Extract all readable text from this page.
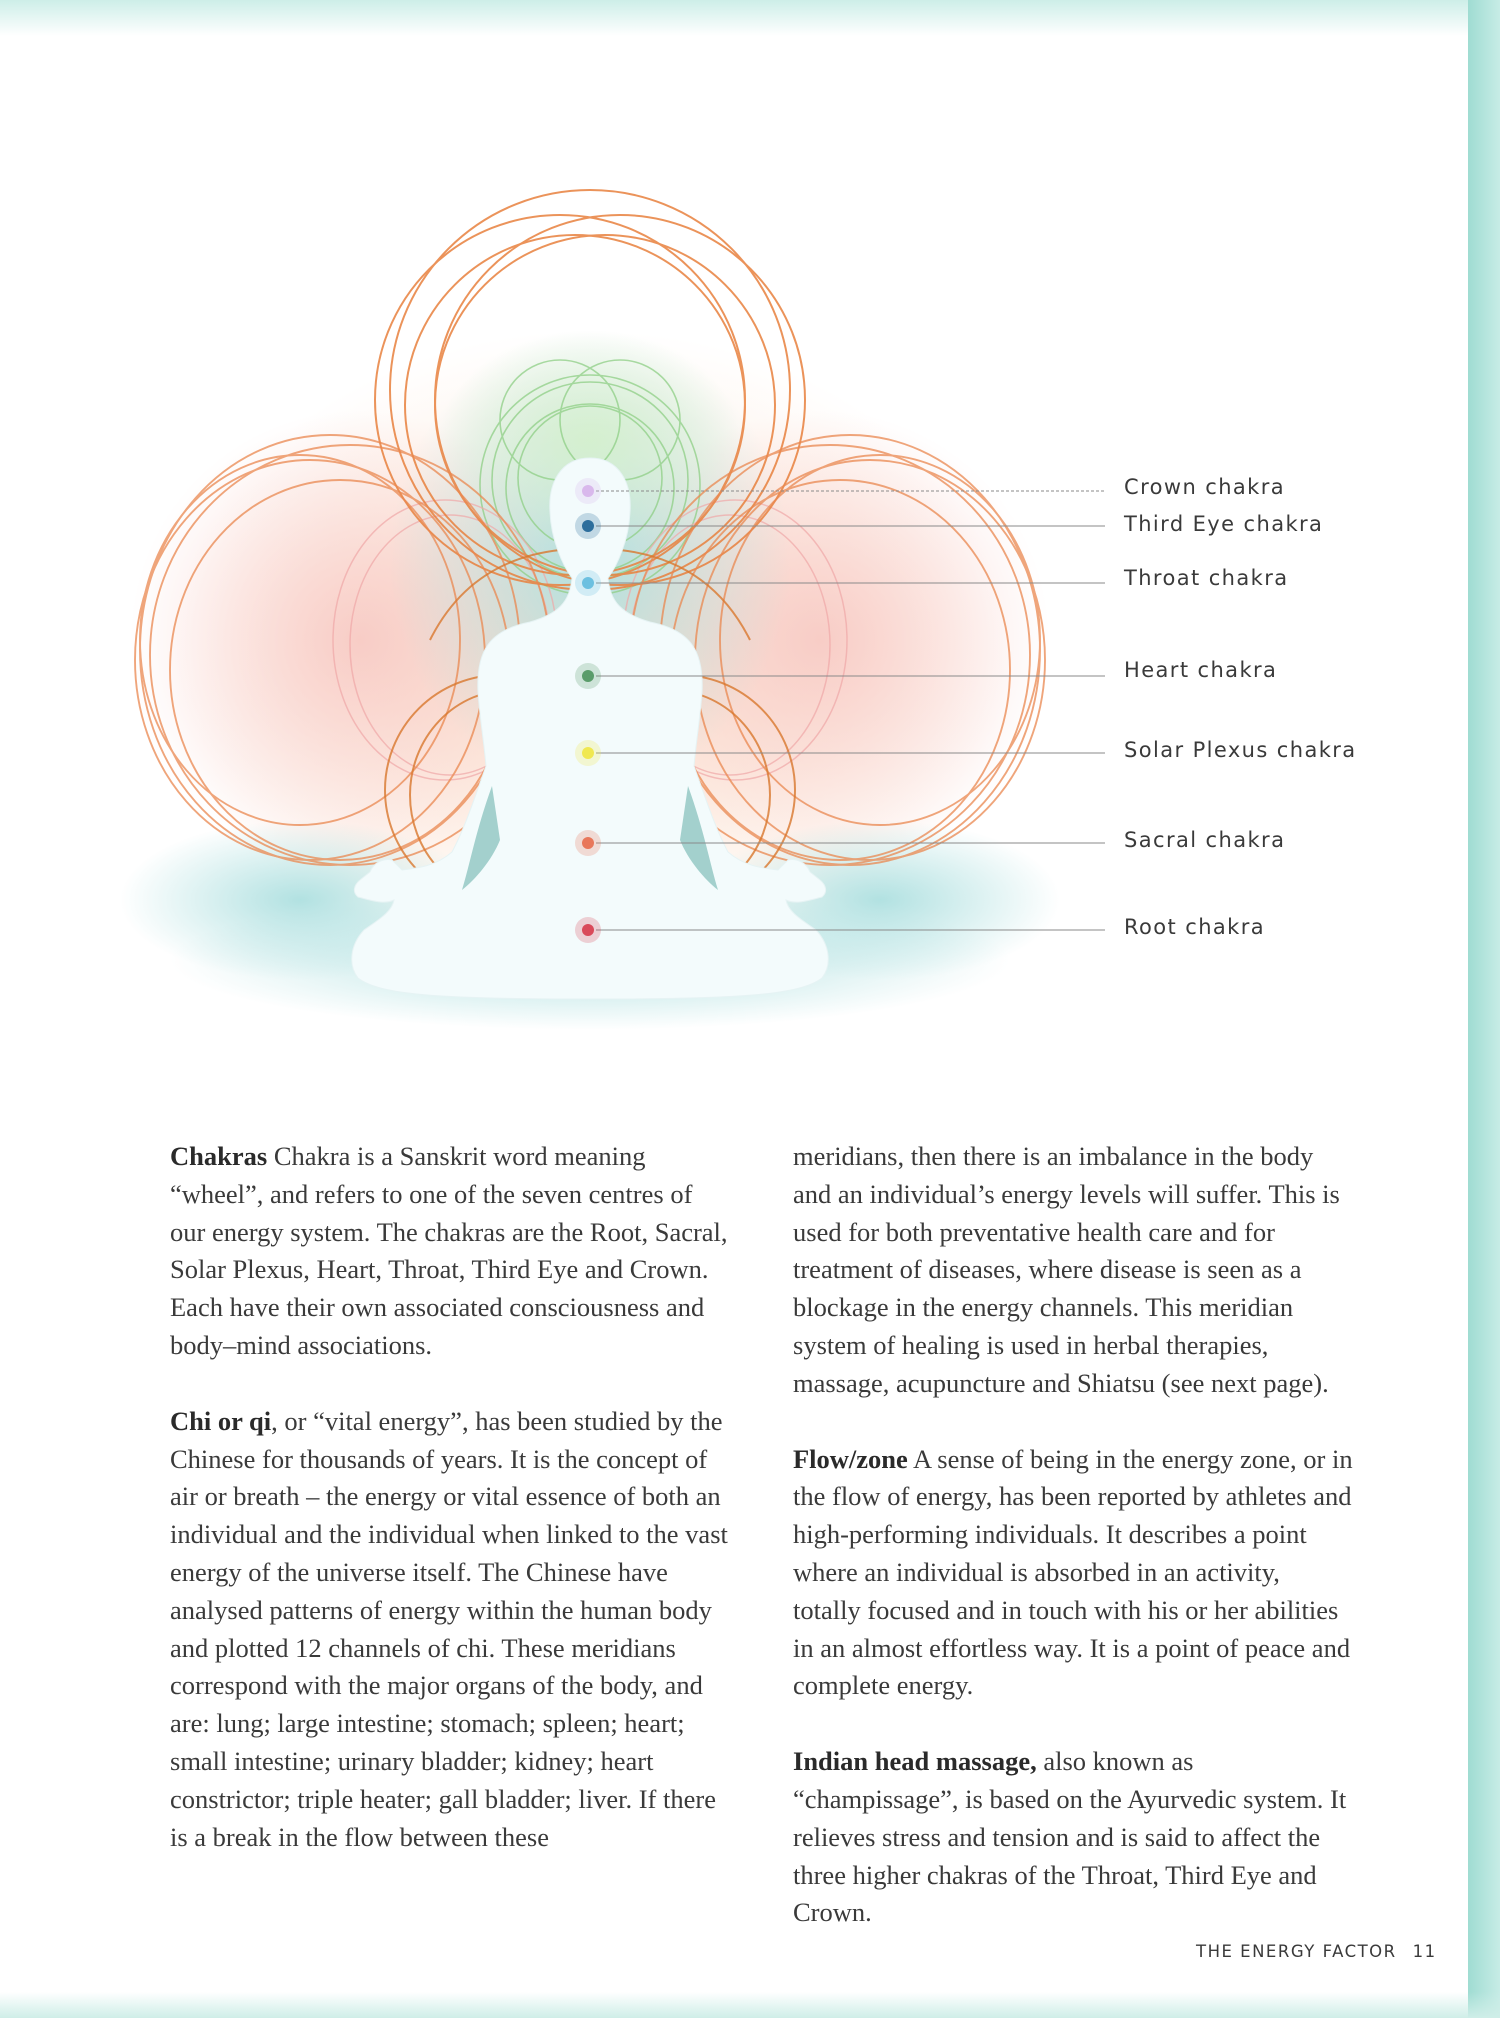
Crown chakra
Third Eye chakra
Throat chakra
Heart chakra
Solar Plexus chakra
Sacral chakra
Root chakra

Chakras Chakra is a Sanskrit word meaning “wheel”, and refers to one of the seven centres of our energy system. The chakras are the Root, Sacral, Solar Plexus, Heart, Throat, Third Eye and Crown. Each have their own associated consciousness and body–mind associations.

Chi or qi, or “vital energy”, has been studied by the Chinese for thousands of years. It is the concept of air or breath – the energy or vital essence of both an individual and the individual when linked to the vast energy of the universe itself. The Chinese have analysed patterns of energy within the human body and plotted 12 channels of chi. These meridians correspond with the major organs of the body, and are: lung; large intestine; stomach; spleen; heart; small intestine; urinary bladder; kidney; heart constrictor; triple heater; gall bladder; liver. If there is a break in the flow between these

meridians, then there is an imbalance in the body and an individual’s energy levels will suffer. This is used for both preventative health care and for treatment of diseases, where disease is seen as a blockage in the energy channels. This meridian system of healing is used in herbal therapies, massage, acupuncture and Shiatsu (see next page).

Flow/zone A sense of being in the energy zone, or in the flow of energy, has been reported by athletes and high-performing individuals. It describes a point where an individual is absorbed in an activity, totally focused and in touch with his or her abilities in an almost effortless way. It is a point of peace and complete energy.

Indian head massage, also known as “champissage”, is based on the Ayurvedic system. It relieves stress and tension and is said to affect the three higher chakras of the Throat, Third Eye and Crown.

THE ENERGY FACTOR 11
